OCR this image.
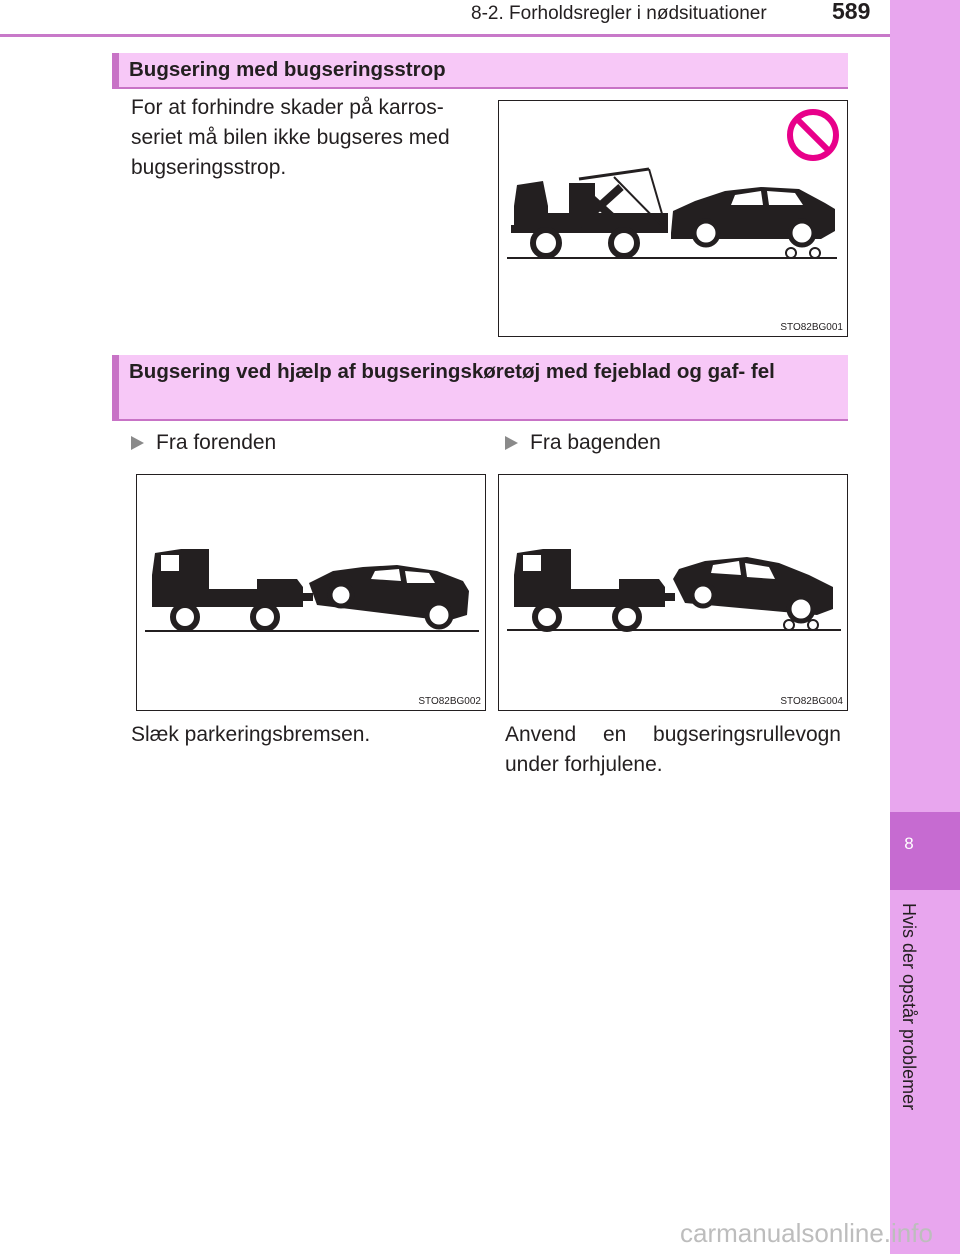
8-2. Forholdsregler i nødsituationer	589
8
Hvis der opstår problemer
Bugsering med bugseringsstrop
For at forhindre skader på karros- seriet må bilen ikke bugseres med bugseringsstrop.
STO82BG001
Bugsering ved hjælp af bugseringskøretøj med fejeblad og gaf- fel
Fra forenden	Fra bagenden
STO82BG002	STO82BG004
Slæk parkeringsbremsen.	Anvend en bugseringsrullevogn under forhjulene.
carmanualsonline.info
